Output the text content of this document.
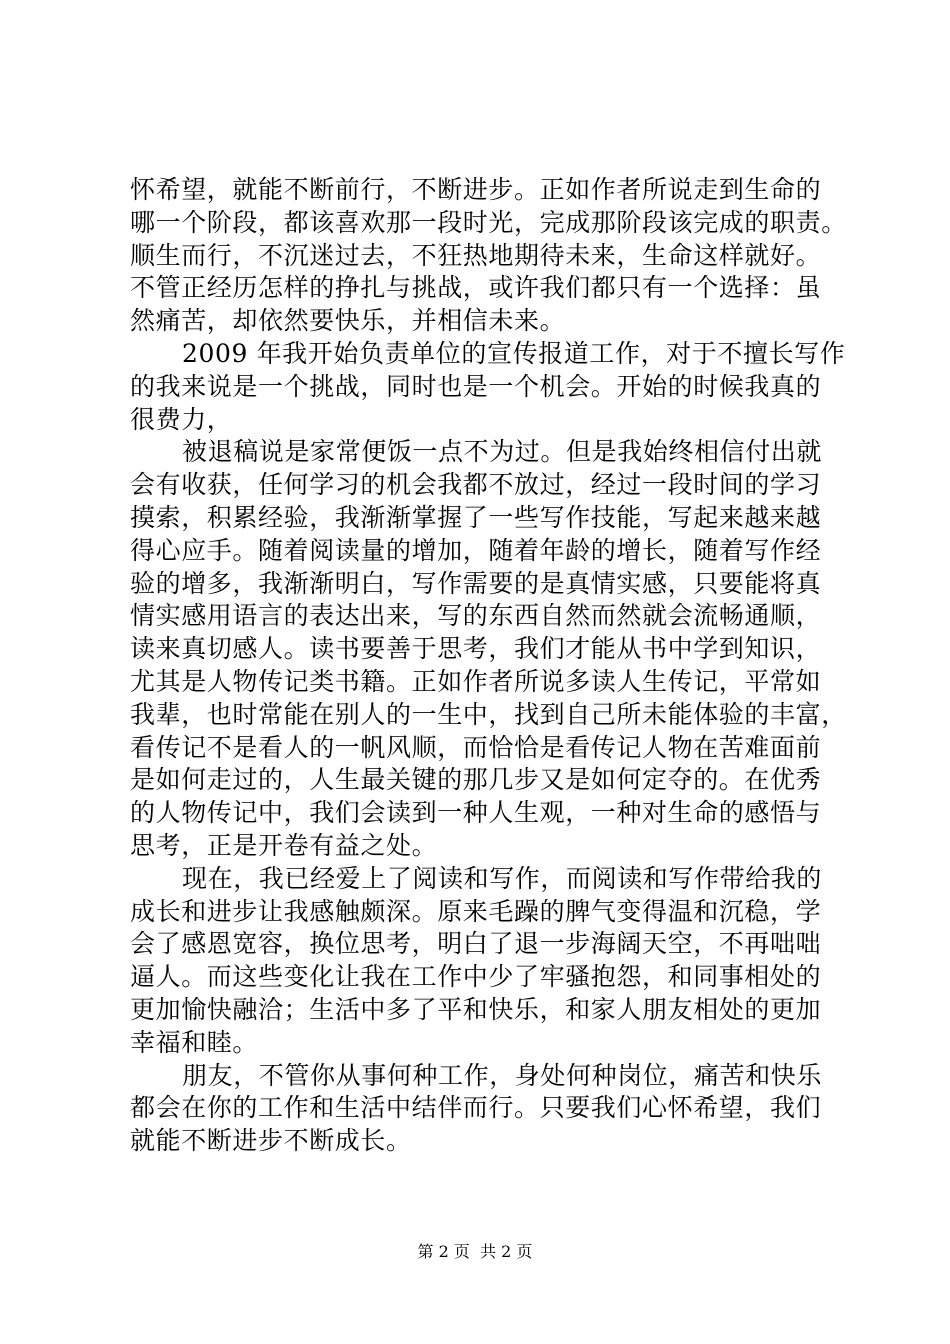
怀希望，就能不断前行，不断进步。正如作者所说走到生命的
哪一个阶段，都该喜欢那一段时光，完成那阶段该完成的职责。
顺生而行，不沉迷过去，不狂热地期待未来，生命这样就好。
不管正经历怎样的挣扎与挑战，或许我们都只有一个选择：虽
然痛苦，却依然要快乐，并相信未来。
2009 年我开始负责单位的宣传报道工作，对于不擅长写作
的我来说是一个挑战，同时也是一个机会。开始的时候我真的
很费力，
被退稿说是家常便饭一点不为过。但是我始终相信付出就
会有收获，任何学习的机会我都不放过，经过一段时间的学习
摸索，积累经验，我渐渐掌握了一些写作技能，写起来越来越
得心应手。随着阅读量的增加，随着年龄的增长，随着写作经
验的增多，我渐渐明白，写作需要的是真情实感，只要能将真
情实感用语言的表达出来，写的东西自然而然就会流畅通顺，
读来真切感人。读书要善于思考，我们才能从书中学到知识，
尤其是人物传记类书籍。正如作者所说多读人生传记，平常如
我辈，也时常能在别人的一生中，找到自己所未能体验的丰富，
看传记不是看人的一帆风顺，而恰恰是看传记人物在苦难面前
是如何走过的，人生最关键的那几步又是如何定夺的。在优秀
的人物传记中，我们会读到一种人生观，一种对生命的感悟与
思考，正是开卷有益之处。
现在，我已经爱上了阅读和写作，而阅读和写作带给我的
成长和进步让我感触颇深。原来毛躁的脾气变得温和沉稳，学
会了感恩宽容，换位思考，明白了退一步海阔天空，不再咄咄
逼人。而这些变化让我在工作中少了牢骚抱怨，和同事相处的
更加愉快融洽；生活中多了平和快乐，和家人朋友相处的更加
幸福和睦。
朋友，不管你从事何种工作，身处何种岗位，痛苦和快乐
都会在你的工作和生活中结伴而行。只要我们心怀希望，我们
就能不断进步不断成长。
第 2 页  共 2 页
